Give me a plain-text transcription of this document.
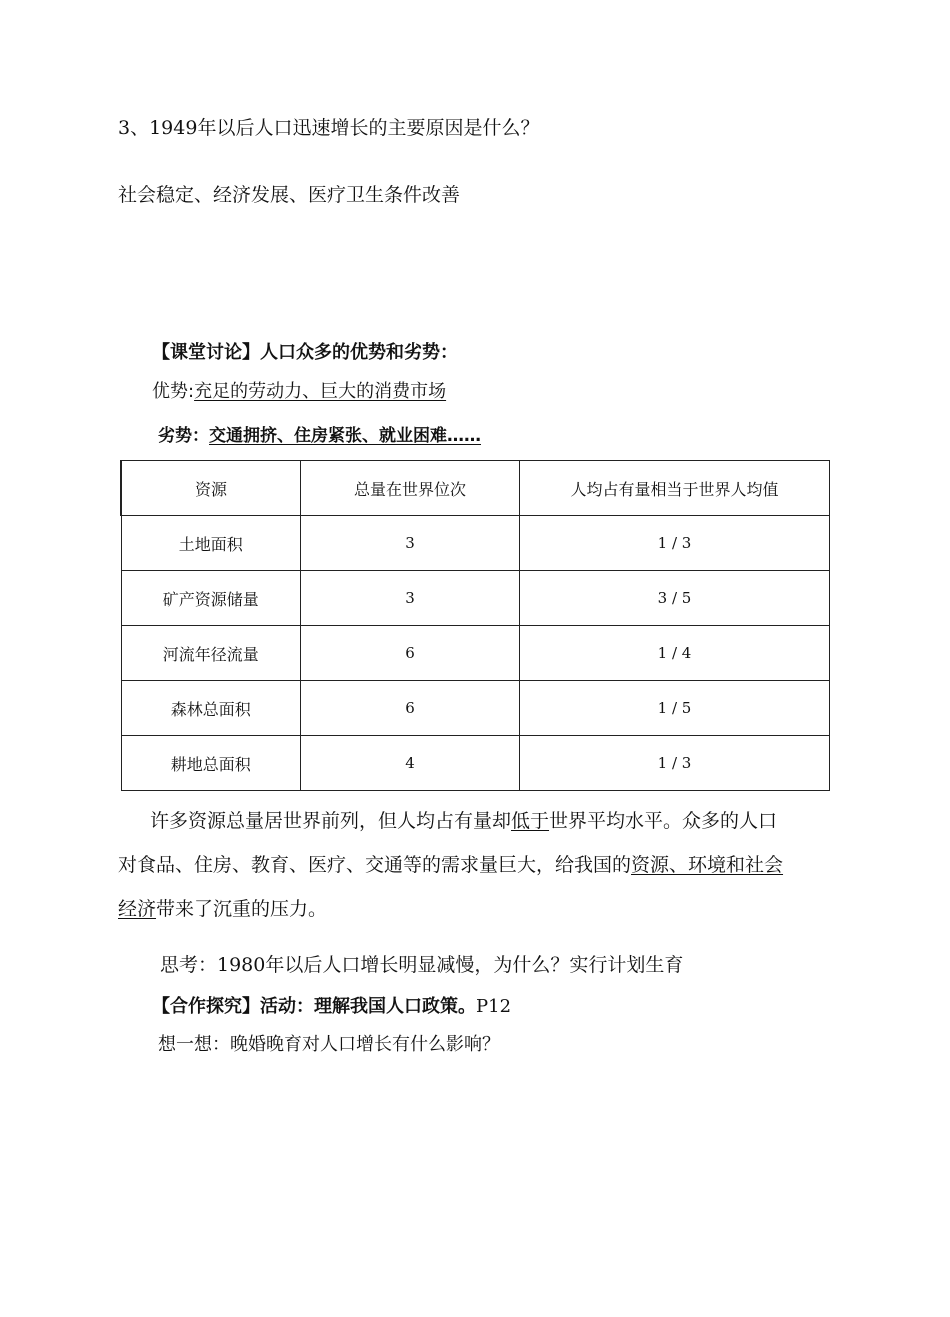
3、1949年以后人口迅速增长的主要原因是什么？
社会稳定、经济发展、医疗卫生条件改善
【课堂讨论】人口众多的优势和劣势：
优势:充足的劳动力、巨大的消费市场
劣势：交通拥挤、住房紧张、就业困难……
资源	总量在世界位次	人均占有量相当于世界人均值
土地面积	3	1 / 3
矿产资源储量	3	3 / 5
河流年径流量	6	1 / 4
森林总面积	6	1 / 5
耕地总面积	4	1 / 3
许多资源总量居世界前列，但人均占有量却低于世界平均水平。众多的人口
对食品、住房、教育、医疗、交通等的需求量巨大，给我国的资源、环境和社会
经济带来了沉重的压力。
思考：1980年以后人口增长明显减慢，为什么？实行计划生育
【合作探究】活动：理解我国人口政策。P12
想一想：晚婚晚育对人口增长有什么影响？
